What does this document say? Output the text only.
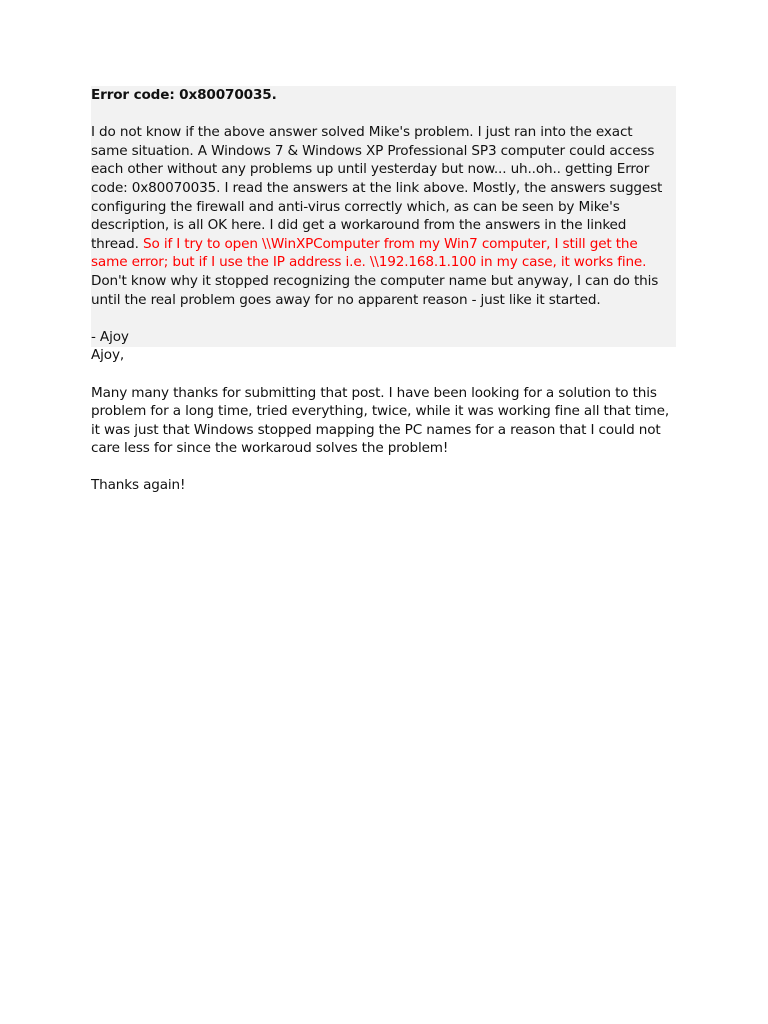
Error code: 0x80070035.

I do not know if the above answer solved Mike's problem. I just ran into the exact same situation. A Windows 7 & Windows XP Professional SP3 computer could access each other without any problems up until yesterday but now... uh..oh.. getting Error code: 0x80070035. I read the answers at the link above. Mostly, the answers suggest configuring the firewall and anti-virus correctly which, as can be seen by Mike's description, is all OK here. I did get a workaround from the answers in the linked thread. So if I try to open \\WinXPComputer from my Win7 computer, I still get the same error; but if I use the IP address i.e. \\192.168.1.100 in my case, it works fine. Don't know why it stopped recognizing the computer name but anyway, I can do this until the real problem goes away for no apparent reason - just like it started.

- Ajoy

Ajoy,

Many many thanks for submitting that post. I have been looking for a solution to this problem for a long time, tried everything, twice, while it was working fine all that time, it was just that Windows stopped mapping the PC names for a reason that I could not care less for since the workaroud solves the problem!

Thanks again!
